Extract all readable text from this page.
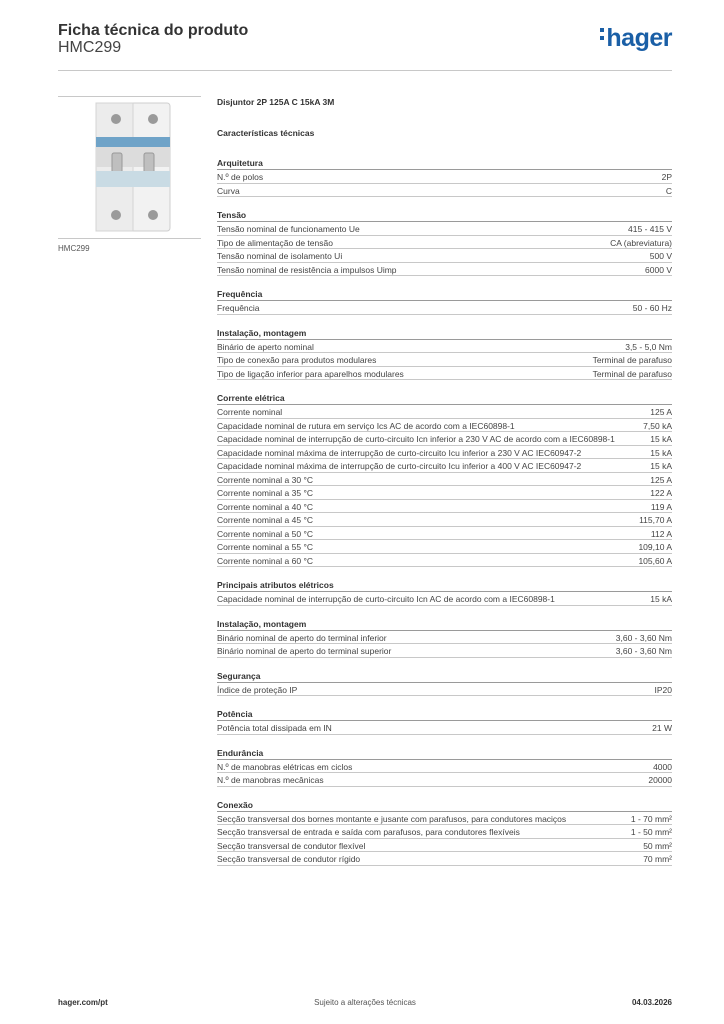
Ficha técnica do produto
HMC299	hager
HMC299
Disjuntor 2P 125A C 15kA 3M
Características técnicas
Arquitetura
N.º de polos	2P
Curva	C
Tensão
Tensão nominal de funcionamento Ue	415 - 415 V
Tipo de alimentação de tensão	CA (abreviatura)
Tensão nominal de isolamento Ui	500 V
Tensão nominal de resistência a impulsos Uimp	6000 V
Frequência
Frequência	50 - 60 Hz
Instalação, montagem
Binário de aperto nominal	3,5 - 5,0 Nm
Tipo de conexão para produtos modulares	Terminal de parafuso
Tipo de ligação inferior para aparelhos modulares	Terminal de parafuso
Corrente elétrica
Corrente nominal	125 A
Capacidade nominal de rutura em serviço Ics AC de acordo com a IEC60898-1	7,50 kA
Capacidade nominal de interrupção de curto-circuito Icn inferior a 230 V AC de acordo com a IEC60898-1	15 kA
Capacidade nominal máxima de interrupção de curto-circuito Icu inferior a 230 V AC IEC60947-2	15 kA
Capacidade nominal máxima de interrupção de curto-circuito Icu inferior a 400 V AC IEC60947-2	15 kA
Corrente nominal a 30 °C	125 A
Corrente nominal a 35 °C	122 A
Corrente nominal a 40 °C	119 A
Corrente nominal a 45 °C	115,70 A
Corrente nominal a 50 °C	112 A
Corrente nominal a 55 °C	109,10 A
Corrente nominal a 60 °C	105,60 A
Principais atributos elétricos
Capacidade nominal de interrupção de curto-circuito Icn AC de acordo com a IEC60898-1	15 kA
Instalação, montagem
Binário nominal de aperto do terminal inferior	3,60 - 3,60 Nm
Binário nominal de aperto do terminal superior	3,60 - 3,60 Nm
Segurança
Índice de proteção IP	IP20
Potência
Potência total dissipada em IN	21 W
Endurância
N.º de manobras elétricas em ciclos	4000
N.º de manobras mecânicas	20000
Conexão
Secção transversal dos bornes montante e jusante com parafusos, para condutores maciços	1 - 70 mm²
Secção transversal de entrada e saída com parafusos, para condutores flexíveis	1 - 50 mm²
Secção transversal de condutor flexível	50 mm²
Secção transversal de condutor rígido	70 mm²
hager.com/pt	Sujeito a alterações técnicas	04.03.2026
